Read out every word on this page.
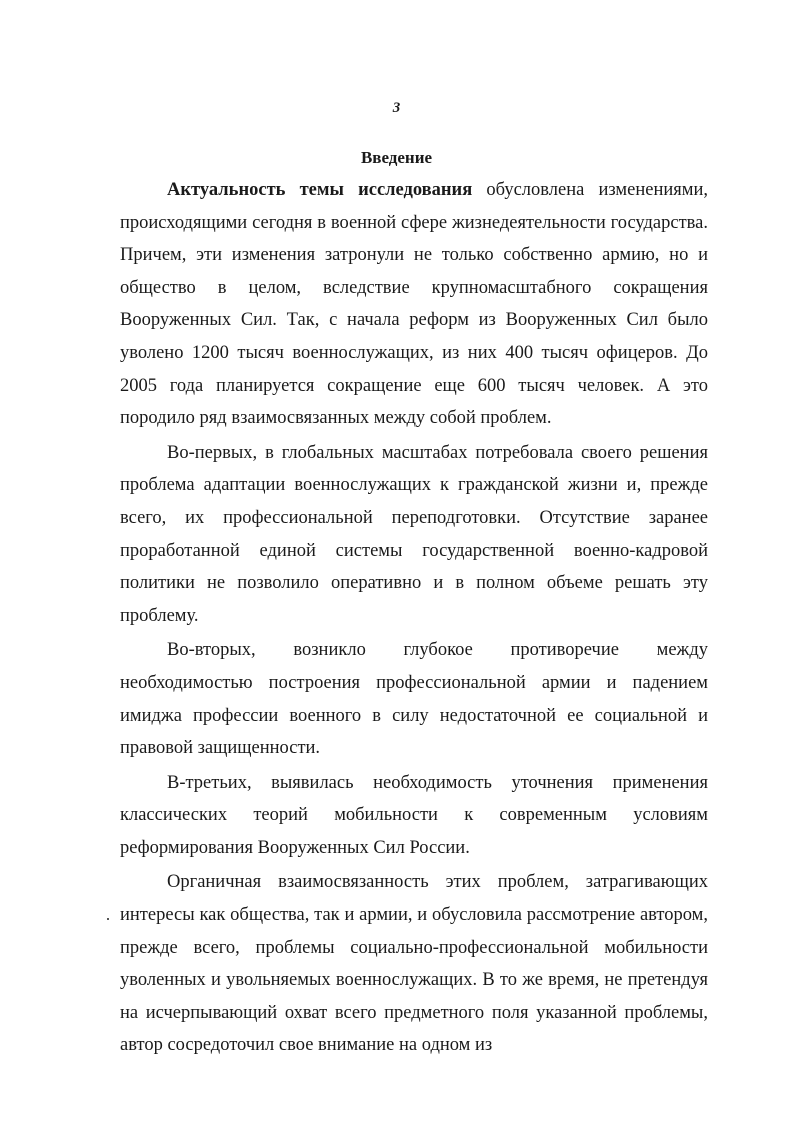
3
Введение

Актуальность темы исследования обусловлена изменениями, происходящими сегодня в военной сфере жизнедеятельности государства. Причем, эти изменения затронули не только собственно армию, но и общество в целом, вследствие крупномасштабного сокращения Вооруженных Сил. Так, с начала реформ из Вооруженных Сил было уволено 1200 тысяч военнослужащих, из них 400 тысяч офицеров. До 2005 года планируется сокращение еще 600 тысяч человек. А это породило ряд взаимосвязанных между собой проблем.

Во-первых, в глобальных масштабах потребовала своего решения проблема адаптации военнослужащих к гражданской жизни и, прежде всего, их профессиональной переподготовки. Отсутствие заранее проработанной единой системы государственной военно-кадровой политики не позволило оперативно и в полном объеме решать эту проблему.

Во-вторых, возникло глубокое противоречие между необходимостью построения профессиональной армии и падением имиджа профессии военного в силу недостаточной ее социальной и правовой защищенности.

В-третьих, выявилась необходимость уточнения применения классических теорий мобильности к современным условиям реформирования Вооруженных Сил России.

Органичная взаимосвязанность этих проблем, затрагивающих интересы как общества, так и армии, и обусловила рассмотрение автором, прежде всего, проблемы социально-профессиональной мобильности уволенных и увольняемых военнослужащих. В то же время, не претендуя на исчерпывающий охват всего предметного поля указанной проблемы, автор сосредоточил свое внимание на одном из
